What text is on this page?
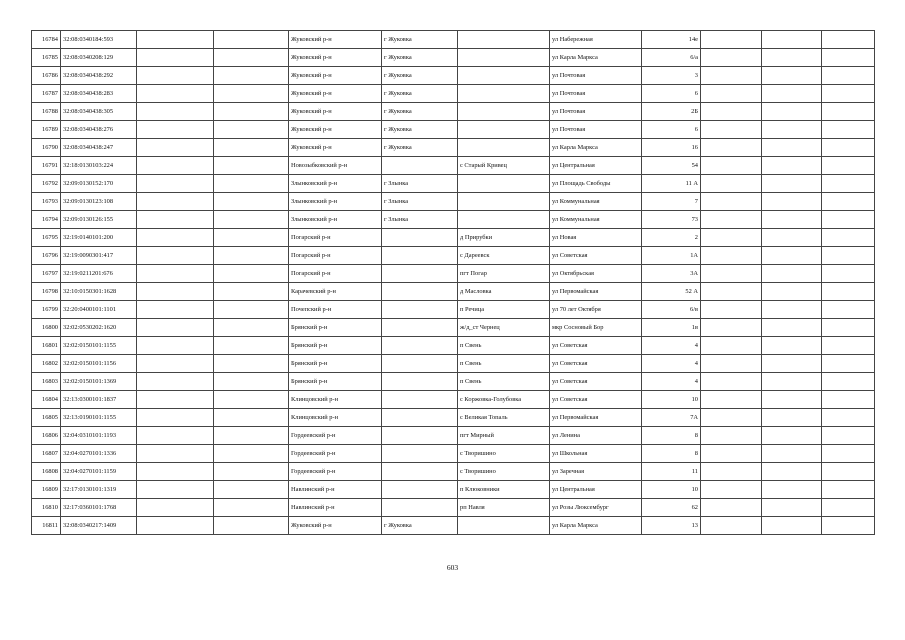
16784	32:08:0340184:593			Жуковский р-н	г Жуковка		ул Набережная	14е			
16785	32:08:0340208:129			Жуковский р-н	г Жуковка		ул Карла Маркса	6/а			
16786	32:08:0340438:292			Жуковский р-н	г Жуковка		ул Почтовая	3			
16787	32:08:0340438:283			Жуковский р-н	г Жуковка		ул Почтовая	6			
16788	32:08:0340438:305			Жуковский р-н	г Жуковка		ул Почтовая	2Б			
16789	32:08:0340438:276			Жуковский р-н	г Жуковка		ул Почтовая	6			
16790	32:08:0340438:247			Жуковский р-н	г Жуковка		ул Карла Маркса	16			
16791	32:18:0130103:224			Новозыбковский р-н		с Старый Кривец	ул Центральная	54			
16792	32:09:0130152:170			Злынковский р-н	г Злынка		ул Площадь Свободы	11 А			
16793	32:09:0130123:108			Злынковский р-н	г Злынка		ул Коммунальная	7			
16794	32:09:0130126:155			Злынковский р-н	г Злынка		ул Коммунальная	73			
16795	32:19:0140101:200			Погарский р-н		д Прирубки	ул Новая	2			
16796	32:19:0090301:417			Погарский р-н		с Дареевск	ул Советская	1А			
16797	32:19:0211201:676			Погарский р-н		пгт Погар	ул Октябрьская	3А			
16798	32:10:0150301:1628			Карачевский р-н		д Масловка	ул Первомайская	52 А			
16799	32:20:0400101:1101			Почепский р-н		п Речица	ул 70 лет Октября	6/в			
16800	32:02:0530202:1620			Брянский р-н		ж/д_ст Чернец	мкр Сосновый Бор	1в			
16801	32:02:0150101:1155			Брянский р-н		п Свень	ул Советская	4			
16802	32:02:0150101:1156			Брянский р-н		п Свень	ул Советская	4			
16803	32:02:0150101:1369			Брянский р-н		п Свень	ул Советская	4			
16804	32:13:0300101:1837			Клинцовский р-н		с Коржовка-Голубовка	ул Советская	10			
16805	32:13:0190101:1155			Клинцовский р-н		с Великая Топаль	ул Первомайская	7А			
16806	32:04:0310101:1193			Гордеевский р-н		пгт Мирный	ул Ленина	8			
16807	32:04:0270101:1336			Гордеевский р-н		с Творишино	ул Школьная	8			
16808	32:04:0270101:1159			Гордеевский р-н		с Творишино	ул Заречная	11			
16809	32:17:0130101:1319			Навлинский р-н		п Клюковники	ул Центральная	10			
16810	32:17:0360101:1768			Навлинский р-н		рп Навля	ул Розы Люксембург	62			
16811	32:08:0340217:1409			Жуковский р-н	г Жуковка		ул Карла Маркса	13			
603
